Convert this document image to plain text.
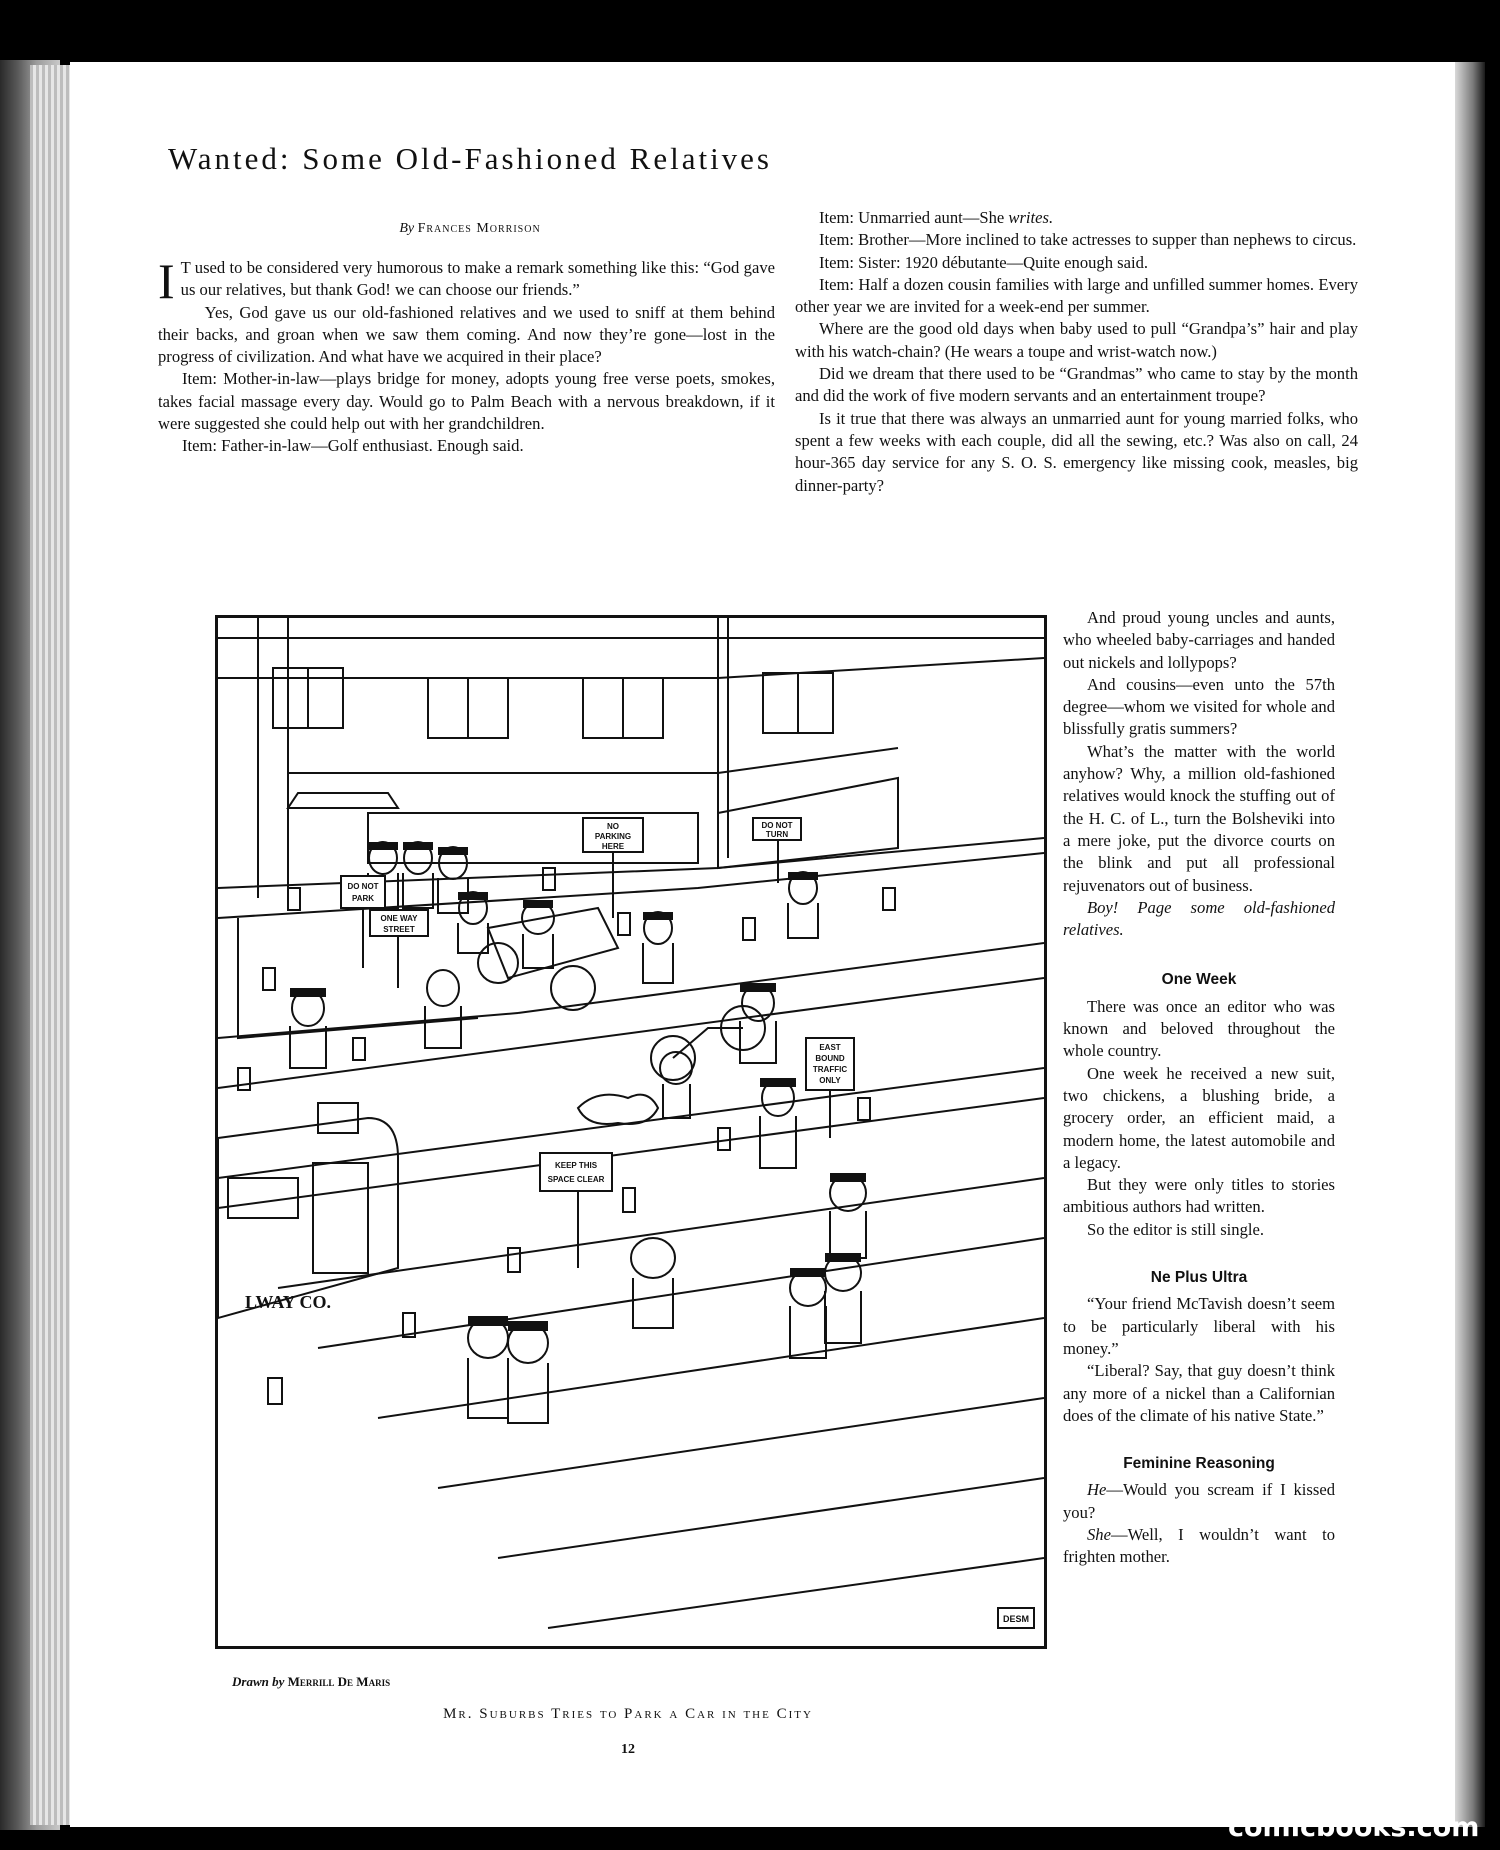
Wanted: Some Old-Fashioned Relatives
By Frances Morrison

I T used to be considered very humorous to make a remark something like this: “God gave us our relatives, but thank God! we can choose our friends.”

Yes, God gave us our old-fashioned relatives and we used to sniff at them behind their backs, and groan when we saw them coming. And now they’re gone—lost in the progress of civilization. And what have we acquired in their place?

Item: Mother-in-law—plays bridge for money, adopts young free verse poets, smokes, takes facial massage every day. Would go to Palm Beach with a nervous breakdown, if it were suggested she could help out with her grandchildren.

Item: Father-in-law—Golf enthusiast. Enough said.

Item: Unmarried aunt—She writes.

Item: Brother—More inclined to take actresses to supper than nephews to circus.

Item: Sister: 1920 débutante—Quite enough said.

Item: Half a dozen cousin families with large and unfilled summer homes. Every other year we are invited for a week-end per summer.

Where are the good old days when baby used to pull “Grandpa’s” hair and play with his watch-chain? (He wears a toupe and wrist-watch now.)

Did we dream that there used to be “Grandmas” who came to stay by the month and did the work of five modern servants and an entertainment troupe?

Is it true that there was always an unmarried aunt for young married folks, who spent a few weeks with each couple, did all the sewing, etc.? Was also on call, 24 hour-365 day service for any S. O. S. emergency like missing cook, measles, big dinner-party?

And proud young uncles and aunts, who wheeled baby-carriages and handed out nickels and lollypops?

And cousins—even unto the 57th degree—whom we visited for whole and blissfully gratis summers?

What’s the matter with the world anyhow? Why, a million old-fashioned relatives would knock the stuffing out of the H. C. of L., turn the Bolsheviki into a mere joke, put the divorce courts on the blink and put all professional rejuvenators out of business.

Boy! Page some old-fashioned relatives.

One Week

There was once an editor who was known and beloved throughout the whole country.

One week he received a new suit, two chickens, a blushing bride, a grocery order, an efficient maid, a modern home, the latest automobile and a legacy.

But they were only titles to stories ambitious authors had written.

So the editor is still single.

Ne Plus Ultra

“Your friend McTavish doesn’t seem to be particularly liberal with his money.”

“Liberal? Say, that guy doesn’t think any more of a nickel than a Californian does of the climate of his native State.”

Feminine Reasoning

He—Would you scream if I kissed you?

She—Well, I wouldn’t want to frighten mother.

NO
PARKING
HERE
DO NOT
TURN
DO NOT
PARK
ONE WAY
STREET
EAST
BOUND
TRAFFIC
ONLY
KEEP THIS
SPACE CLEAR
LWAY CO.
DESM
Drawn by Merrill De Maris
Mr. Suburbs Tries to Park a Car in the City
12
comicbooks.com
